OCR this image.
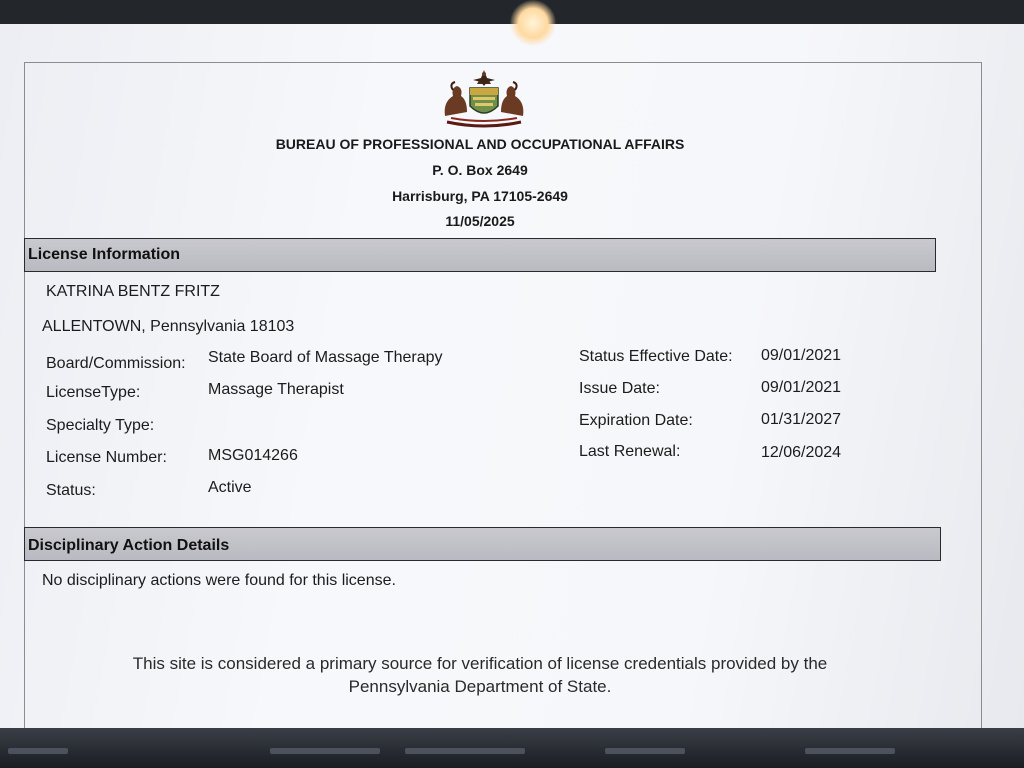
BUREAU OF PROFESSIONAL AND OCCUPATIONAL AFFAIRS
P. O. Box 2649
Harrisburg, PA 17105-2649
11/05/2025
License Information
KATRINA BENTZ FRITZ
ALLENTOWN, Pennsylvania 18103
Board/Commission: State Board of Massage Therapy
LicenseType:	Massage Therapist
Specialty Type:
License Number:	MSG014266
Status:	Active
Status Effective Date: 09/01/2021
Issue Date:	09/01/2021
Expiration Date:	01/31/2027
Last Renewal:	12/06/2024
Disciplinary Action Details
No disciplinary actions were found for this license.
This site is considered a primary source for verification of license credentials provided by the
Pennsylvania Department of State.
